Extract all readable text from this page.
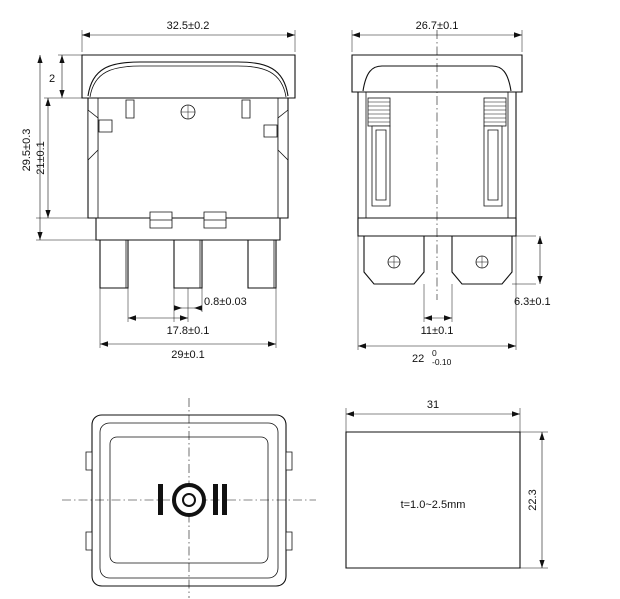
32.5±0.2
2
21±0.1
29.5±0.3
0.8±0.03
17.8±0.1
29±0.1
26.7±0.1
6.3±0.1
11±0.1
22 0
-0.10
31
22.3
t=1.0~2.5mm
